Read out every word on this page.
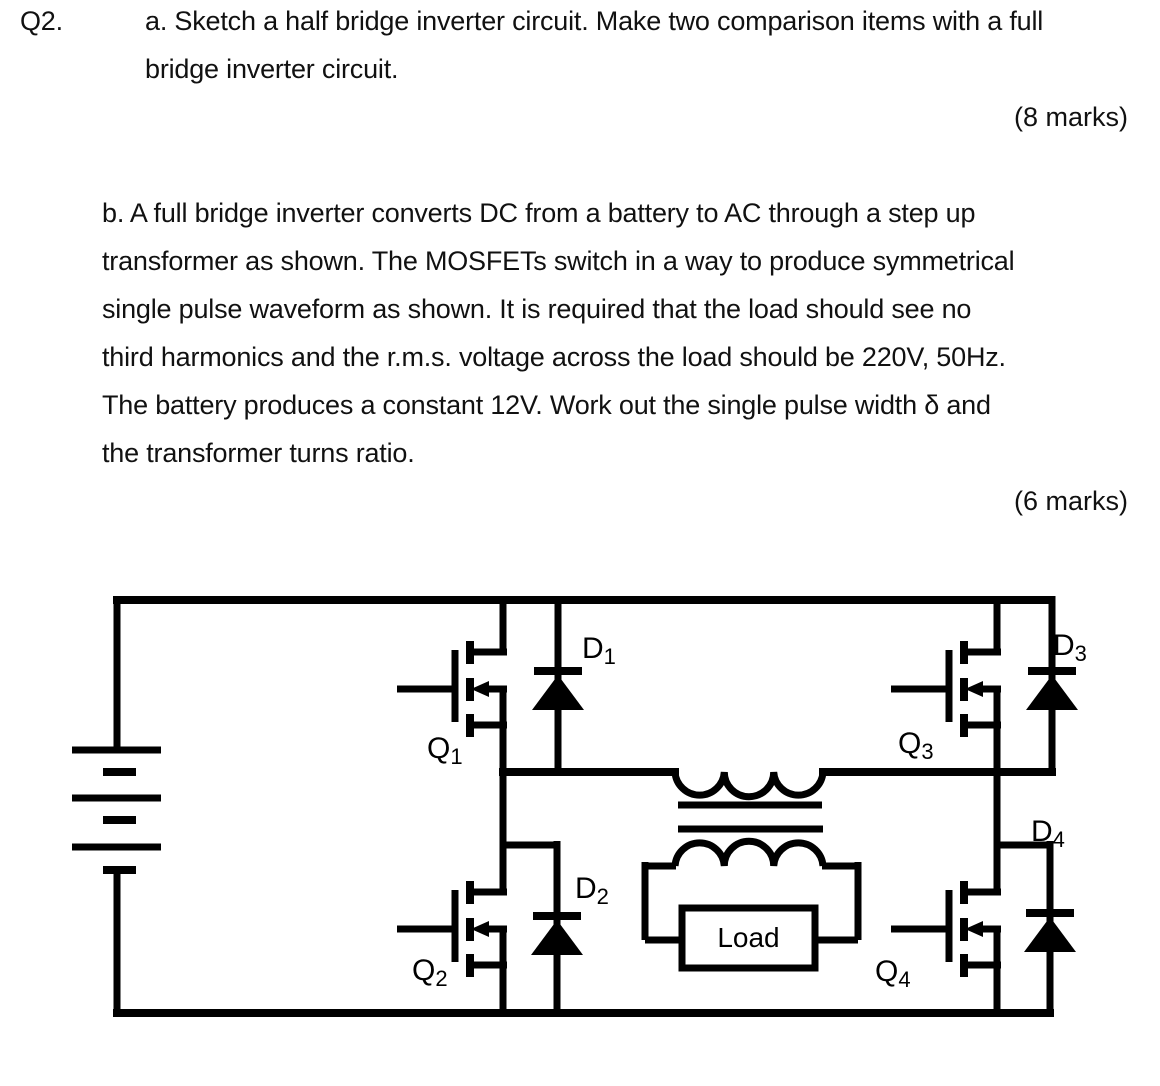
Q2.	a. Sketch a half bridge inverter circuit. Make two comparison items with a full
bridge inverter circuit.
(8 marks)
b. A full bridge inverter converts DC from a battery to AC through a step up
transformer as shown. The MOSFETs switch in a way to produce symmetrical
single pulse waveform as shown. It is required that the load should see no
third harmonics and the r.m.s. voltage across the load should be 220V, 50Hz.
The battery produces a constant 12V. Work out the single pulse width δ and
the transformer turns ratio.
(6 marks)
$Q_1$
$Q_2$
$Q_3$
$Q_4$
$D_1$
$D_2$
$D_3$
$D_4$
Load
